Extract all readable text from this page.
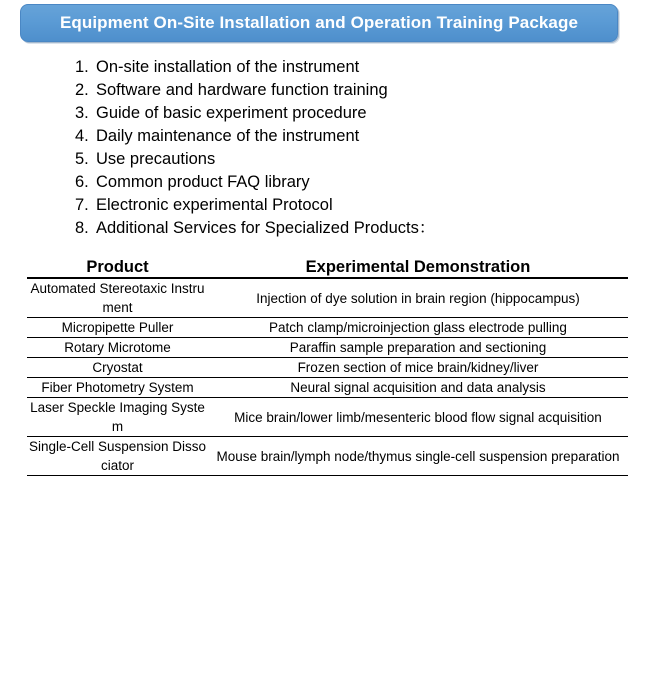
Equipment On-Site Installation and Operation Training Package
1. On-site installation of the instrument
2. Software and hardware function training
3. Guide of basic experiment procedure
4. Daily maintenance of the instrument
5. Use precautions
6. Common product FAQ library
7. Electronic experimental Protocol
8. Additional Services for Specialized Products：
Product	Experimental Demonstration
Automated Stereotaxic Instrument	Injection of dye solution in brain region (hippocampus)
Micropipette Puller	Patch clamp/microinjection glass electrode pulling
Rotary Microtome	Paraffin sample preparation and sectioning
Cryostat	Frozen section of mice brain/kidney/liver
Fiber Photometry System	Neural signal acquisition and data analysis
Laser Speckle Imaging System	Mice brain/lower limb/mesenteric blood flow signal acquisition
Single-Cell Suspension Dissociator	Mouse brain/lymph node/thymus single-cell suspension preparation
